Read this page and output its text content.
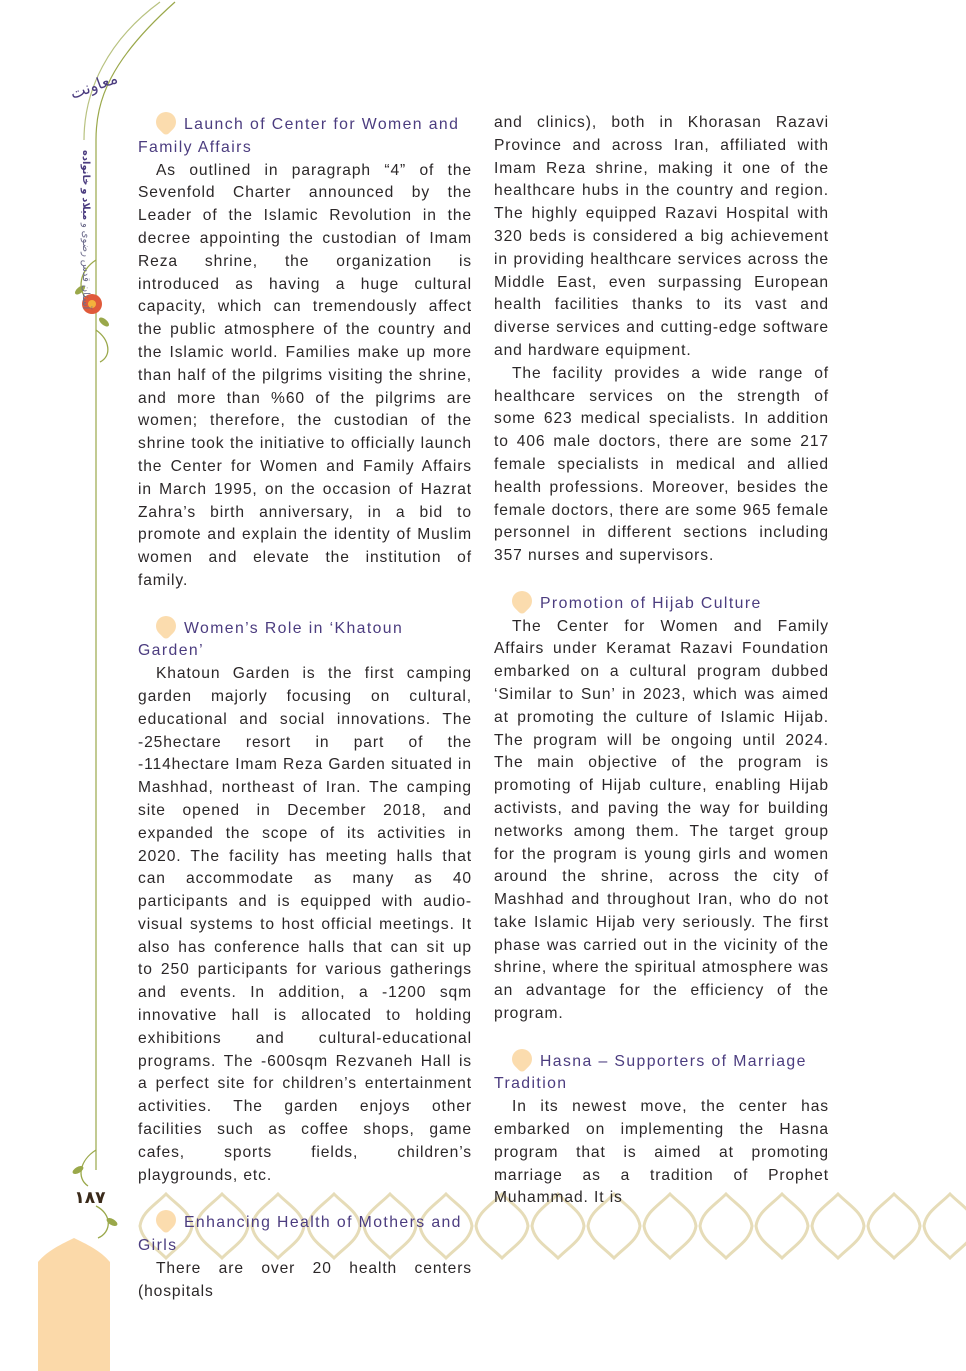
معاونت
آستان قدس رضوی و میلاد و خانواده
۱۸۷
Launch of Center for Women and Family Affairs

As outlined in paragraph “4” of the Sevenfold Charter announced by the Leader of the Islamic Revolution in the decree appointing the custodian of Imam Reza shrine, the organization is introduced as having a huge cultural capacity, which can tremendously affect the public atmosphere of the country and the Islamic world. Families make up more than half of the pilgrims visiting the shrine, and more than %60 of the pilgrims are women; therefore, the custodian of the shrine took the initiative to officially launch the Center for Women and Family Affairs in March 1995, on the occasion of Hazrat Zahra’s birth anniversary, in a bid to promote and explain the identity of Muslim women and elevate the institution of family.

Women’s Role in ‘Khatoun Garden’

Khatoun Garden is the first camping garden majorly focusing on cultural, educational and social innovations. The -25hectare resort in part of the -114hectare Imam Reza Garden situated in Mashhad, northeast of Iran. The camping site opened in December 2018, and expanded the scope of its activities in 2020. The facility has meeting halls that can accommodate as many as 40 participants and is equipped with audio-visual systems to host official meetings. It also has conference halls that can sit up to 250 participants for various gatherings and events. In addition, a -1200 sqm innovative hall is allocated to holding exhibitions and cultural-educational programs. The -600sqm Rezvaneh Hall is a perfect site for children’s entertainment activities. The garden enjoys other facilities such as coffee shops, game cafes, sports fields, children’s playgrounds, etc.

Enhancing Health of Mothers and Girls

There are over 20 health centers (hospitals

and clinics), both in Khorasan Razavi Province and across Iran, affiliated with Imam Reza shrine, making it one of the healthcare hubs in the country and region. The highly equipped Razavi Hospital with 320 beds is considered a big achievement in providing healthcare services across the Middle East, even surpassing European health facilities thanks to its vast and diverse services and cutting-edge software and hardware equipment.

The facility provides a wide range of healthcare services on the strength of some 623 medical specialists. In addition to 406 male doctors, there are some 217 female specialists in medical and allied health professions. Moreover, besides the female doctors, there are some 965 female personnel in different sections including 357 nurses and supervisors.

Promotion of Hijab Culture

The Center for Women and Family Affairs under Keramat Razavi Foundation embarked on a cultural program dubbed ‘Similar to Sun’ in 2023, which was aimed at promoting the culture of Islamic Hijab. The program will be ongoing until 2024. The main objective of the program is promoting of Hijab culture, enabling Hijab activists, and paving the way for building networks among them. The target group for the program is young girls and women around the shrine, across the city of Mashhad and throughout Iran, who do not take Islamic Hijab very seriously. The first phase was carried out in the vicinity of the shrine, where the spiritual atmosphere was an advantage for the efficiency of the program.

Hasna – Supporters of Marriage Tradition

In its newest move, the center has embarked on implementing the Hasna program that is aimed at promoting marriage as a tradition of Prophet Muhammad. It is
